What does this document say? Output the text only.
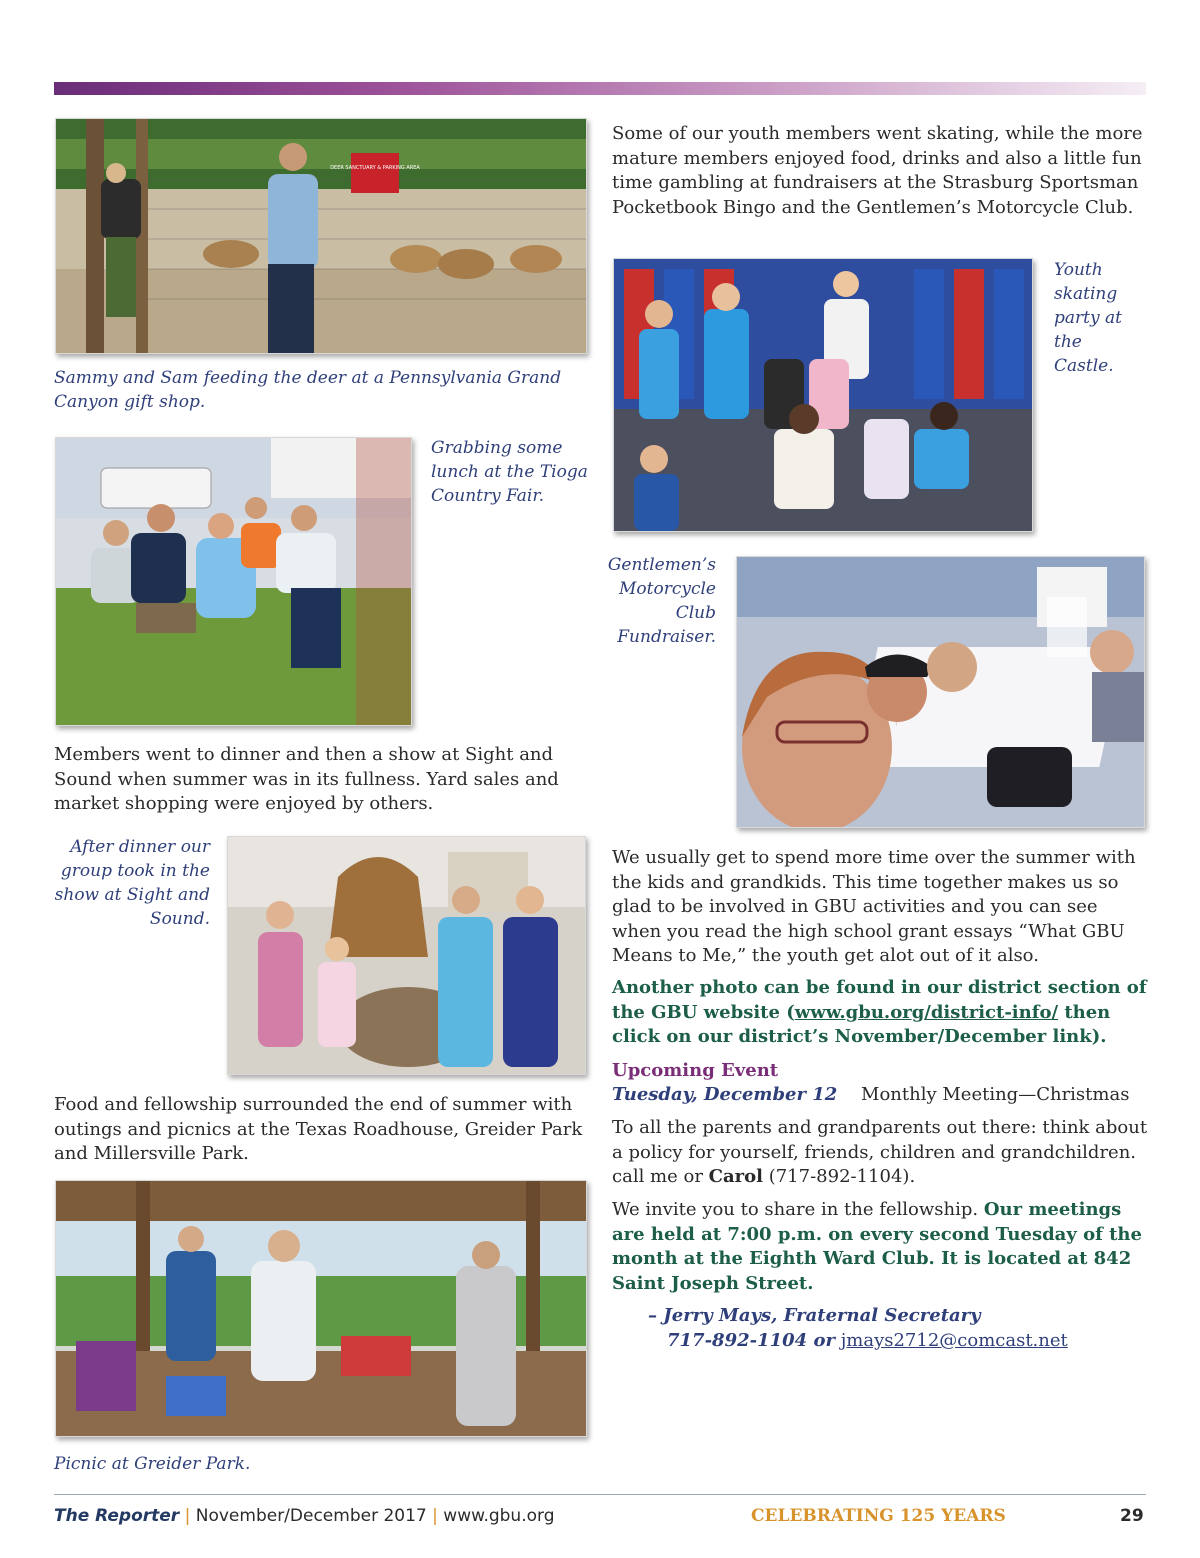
DEER SANCTUARY & PARKING AREA
Sammy and Sam feeding the deer at a Pennsylvania Grand Canyon gift shop.
Grabbing some lunch at the Tioga Country Fair.
Members went to dinner and then a show at Sight and Sound when summer was in its fullness. Yard sales and market shopping were enjoyed by others.
After dinner our group took in the show at Sight and Sound.
Food and fellowship surrounded the end of summer with outings and picnics at the Texas Roadhouse, Greider Park and Millersville Park.
Picnic at Greider Park.
Some of our youth members went skating, while the more mature members enjoyed food, drinks and also a little fun time gambling at fundraisers at the Strasburg Sportsman Pocketbook Bingo and the Gentlemen’s Motorcycle Club.
Youth skating party at the Castle.
Gentlemen’s Motorcycle Club Fundraiser.
We usually get to spend more time over the summer with the kids and grandkids. This time together makes us so glad to be involved in GBU activities and you can see when you read the high school grant essays “What GBU Means to Me,” the youth get alot out of it also.
Another photo can be found in our district section of the GBU website (www.gbu.org/district-info/ then click on our district’s November/December link).
Upcoming Event
Tuesday, December 12 Monthly Meeting—Christmas
To all the parents and grandparents out there: think about a policy for yourself, friends, children and grandchildren. call me or Carol (717-892-1104).
We invite you to share in the fellowship. Our meetings are held at 7:00 p.m. on every second Tuesday of the month at the Eighth Ward Club. It is located at 842 Saint Joseph Street.
– Jerry Mays, Fraternal Secretary
717-892-1104 or jmays2712@comcast.net
The Reporter | November/December 2017 | www.gbu.org	CELEBRATING 125 YEARS	29
